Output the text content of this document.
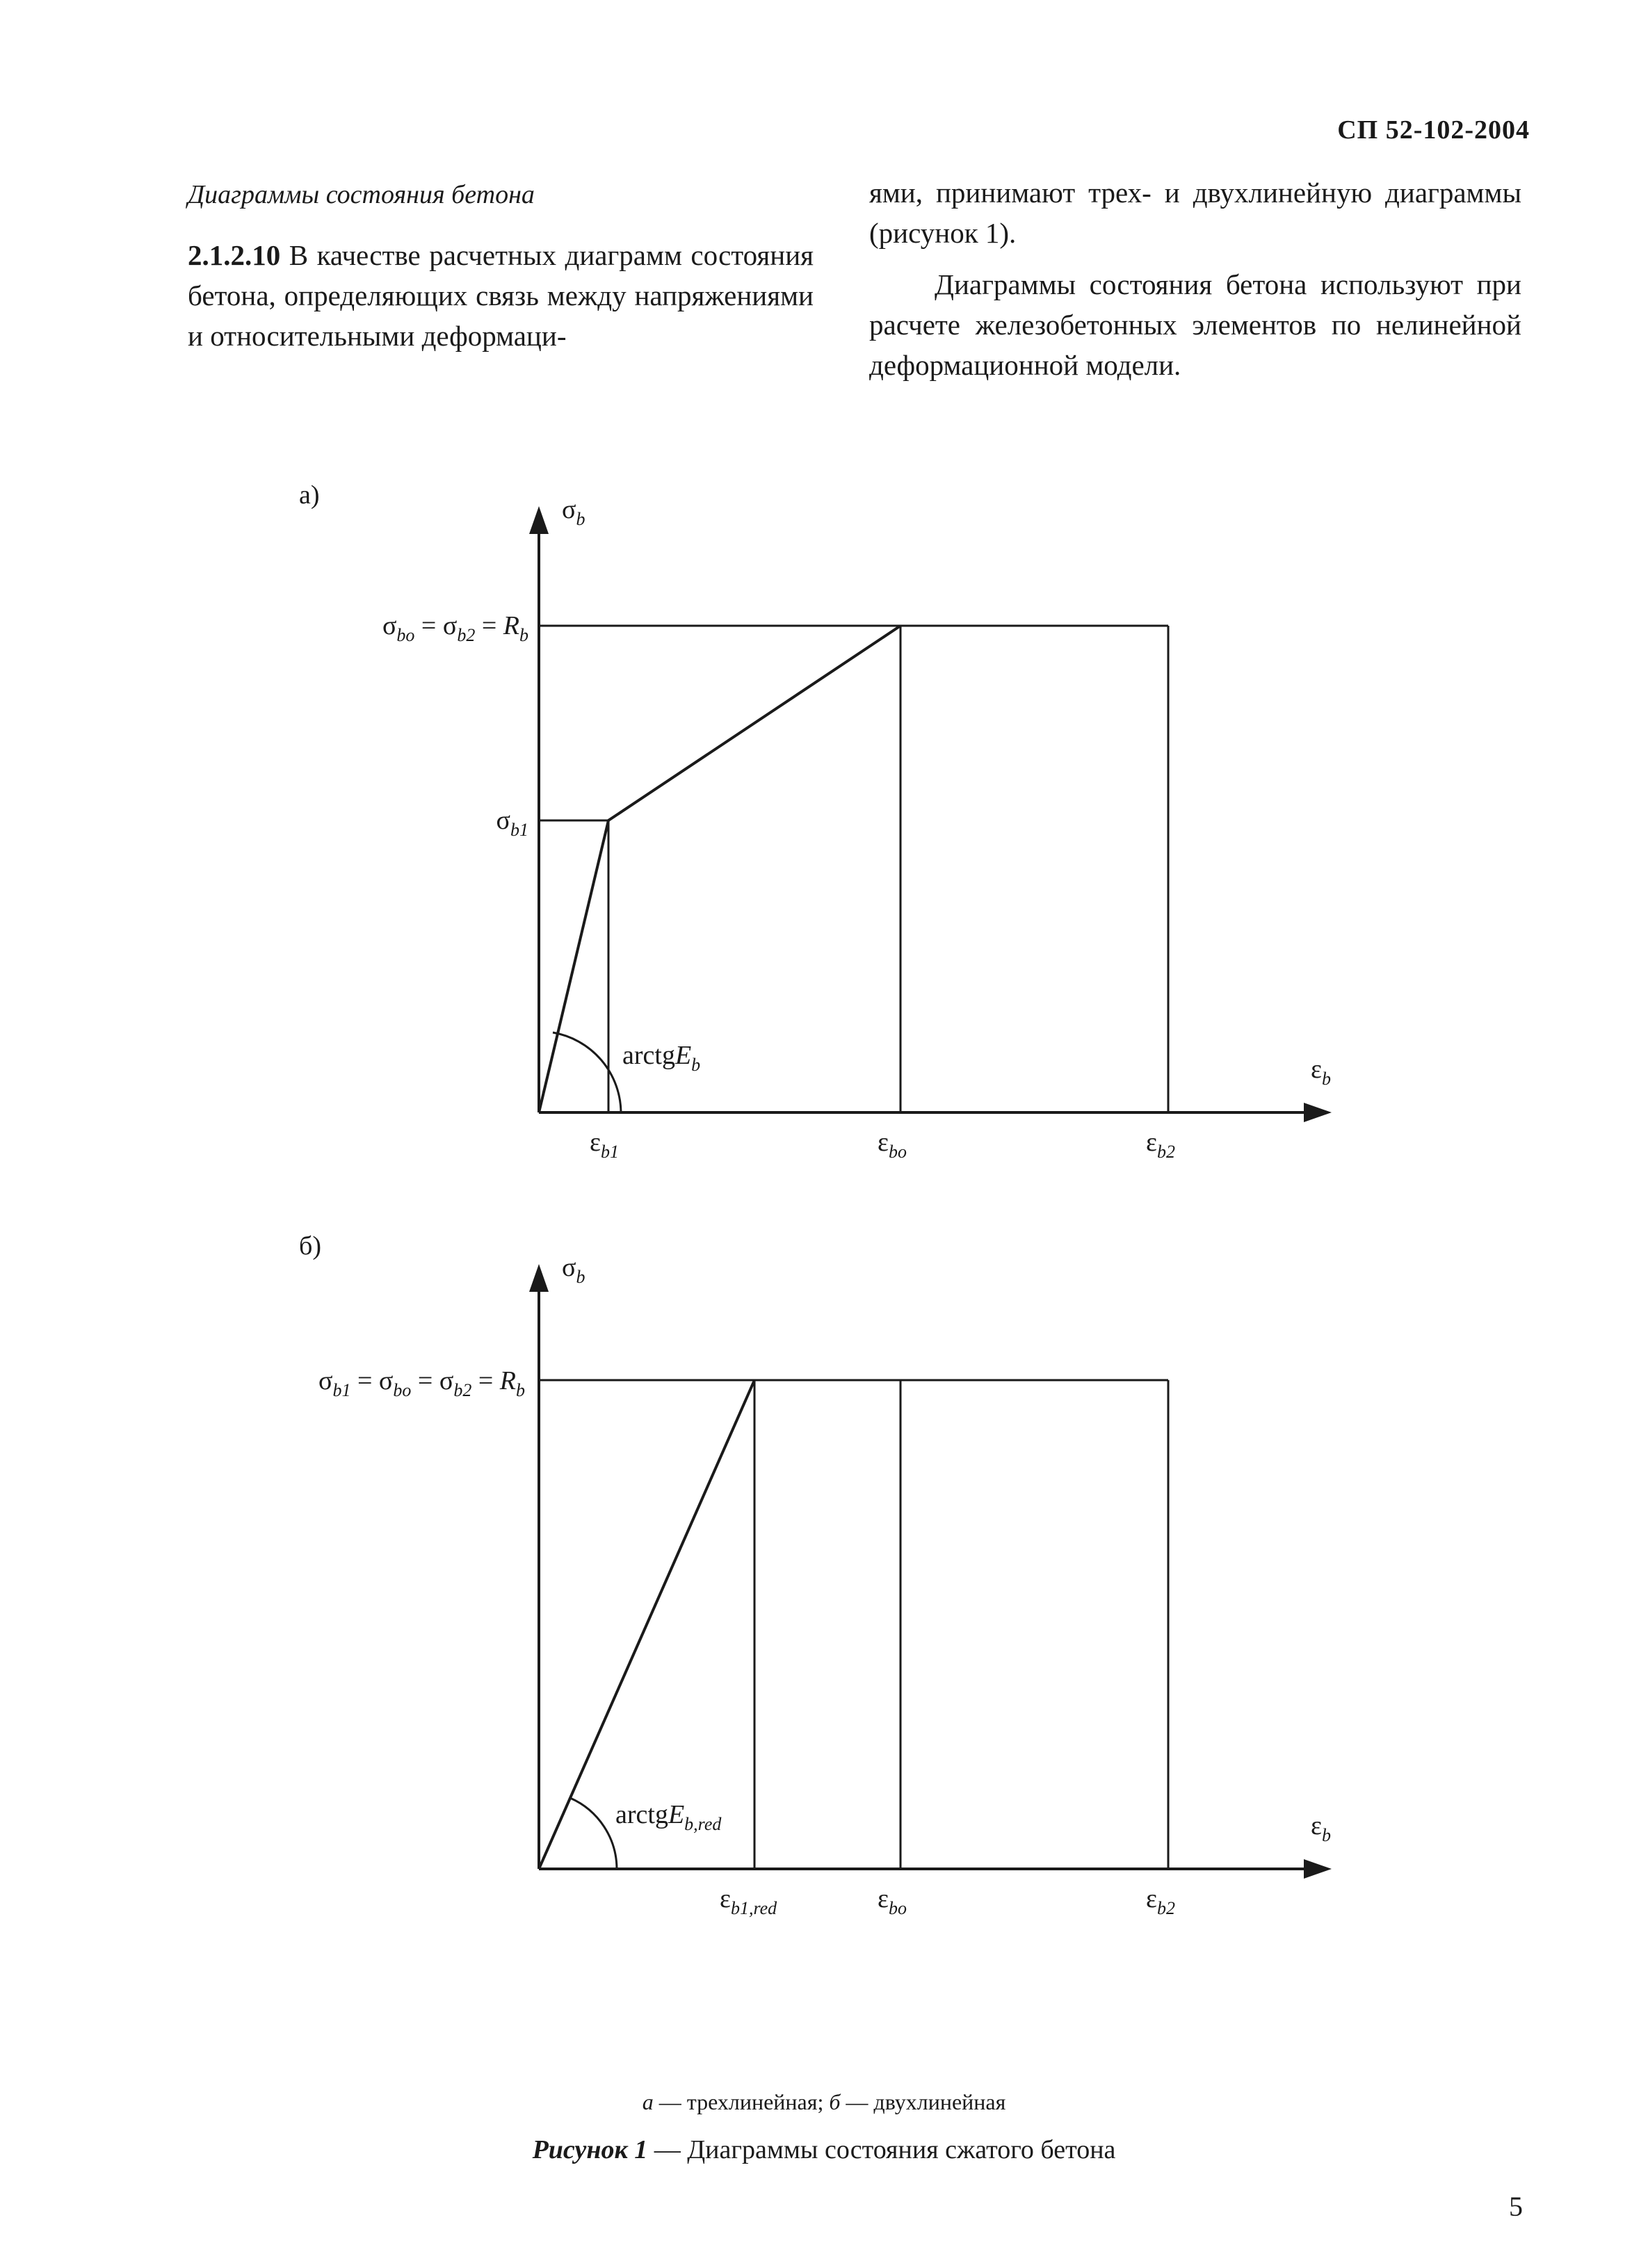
СП 52-102-2004
Диаграммы состояния бетона

2.1.2.10 В качестве расчетных диаграмм состояния бетона, определяющих связь между напряжениями и относительными деформаци-

ями, принимают трех- и двухлинейную диаграммы (рисунок 1).

Диаграммы состояния бетона используют при расчете железобетонных элементов по нелинейной деформационной модели.

а)
б)
$\sigma_b$
$\varepsilon_b$
$\sigma_{bo} = \sigma_{b2} = R_b$
$\sigma_{b1}$
arctgE$_b$
$\varepsilon_{b1}$	$\varepsilon_{bo}$	$\varepsilon_{b2}$
$\sigma_b$
$\varepsilon_b$
$\sigma_{b1} = \sigma_{bo} = \sigma_{b2} = R_b$
arctgE$_{b,red}$
$\varepsilon_{b1,red}$	$\varepsilon_{bo}$	$\varepsilon_{b2}$
а — трехлинейная; б — двухлинейная
Рисунок 1 — Диаграммы состояния сжатого бетона
5
